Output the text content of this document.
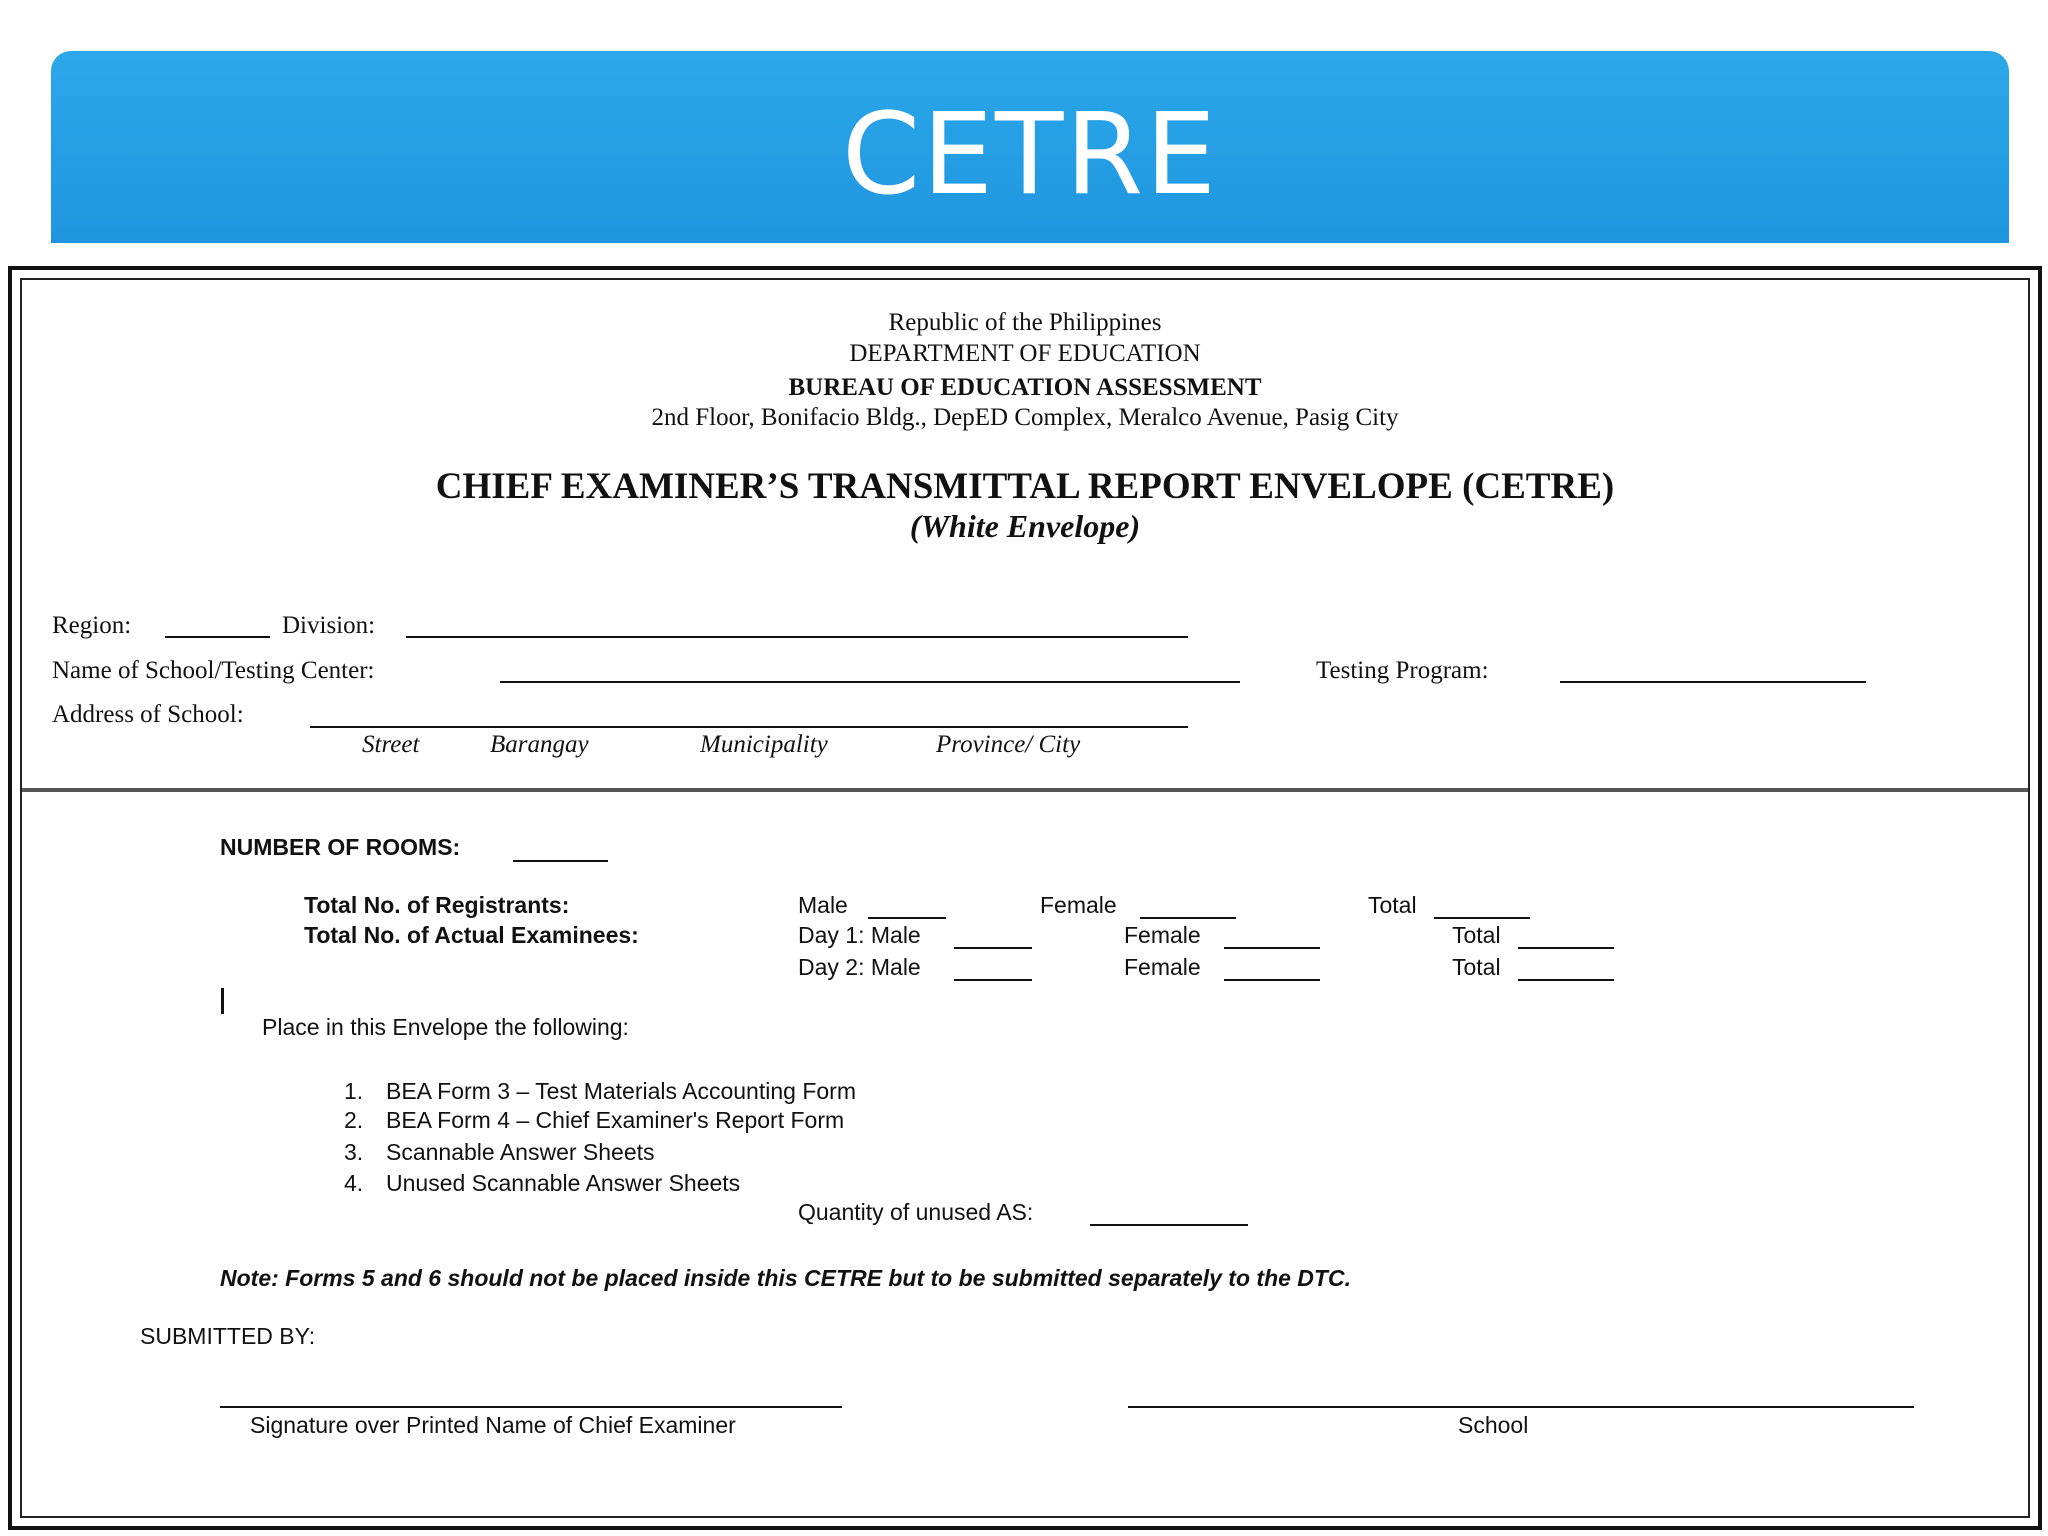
CETRE
Republic of the Philippines
DEPARTMENT OF EDUCATION
BUREAU OF EDUCATION ASSESSMENT
2nd Floor, Bonifacio Bldg., DepED Complex, Meralco Avenue, Pasig City
CHIEF EXAMINER’S TRANSMITTAL REPORT ENVELOPE (CETRE)
(White Envelope)
Region:	Division:
Name of School/Testing Center:	Testing Program:
Address of School:
Street	Barangay	Municipality	Province/ City
NUMBER OF ROOMS:
Total No. of Registrants:	Male	Female	Total
Total No. of Actual Examinees:	Day 1: Male	Female	Total
Day 2: Male	Female	Total
Place in this Envelope the following:
1. BEA Form 3 – Test Materials Accounting Form
2. BEA Form 4 – Chief Examiner's Report Form
3. Scannable Answer Sheets
4. Unused Scannable Answer Sheets
Quantity of unused AS:
Note: Forms 5 and 6 should not be placed inside this CETRE but to be submitted separately to the DTC.
SUBMITTED BY:
Signature over Printed Name of Chief Examiner	School
